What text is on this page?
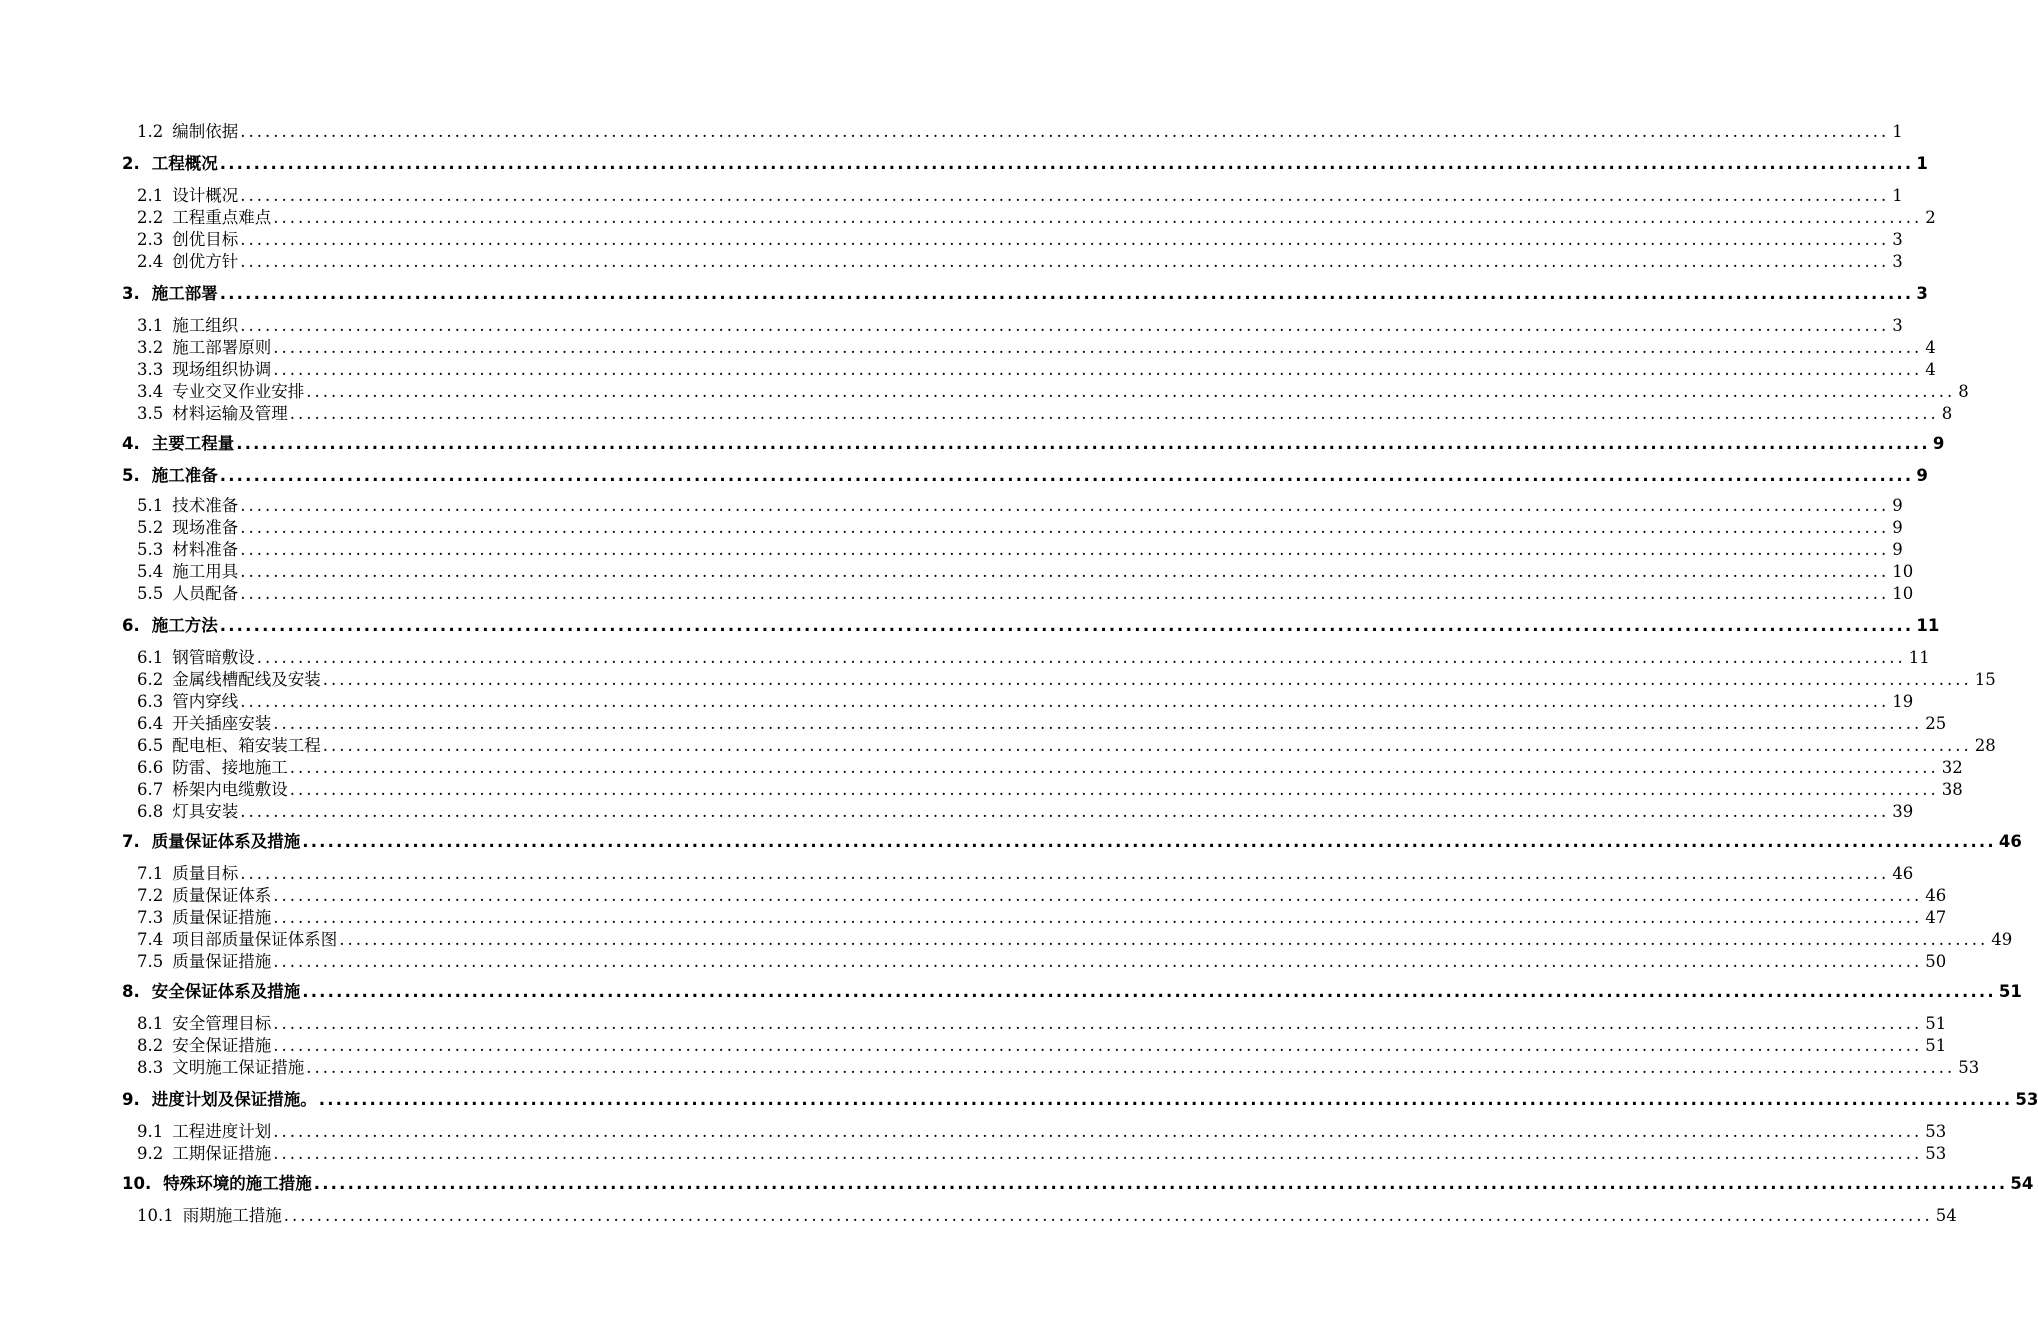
1.2 编制依据 ........................................................................................................................................................................................................ 1
2. 工程概况 ........................................................................................................................................................................................................ 1
2.1 设计概况 ........................................................................................................................................................................................................ 1
2.2 工程重点难点 ........................................................................................................................................................................................................ 2
2.3 创优目标 ........................................................................................................................................................................................................ 3
2.4 创优方针 ........................................................................................................................................................................................................ 3
3. 施工部署 ........................................................................................................................................................................................................ 3
3.1 施工组织 ........................................................................................................................................................................................................ 3
3.2 施工部署原则 ........................................................................................................................................................................................................ 4
3.3 现场组织协调 ........................................................................................................................................................................................................ 4
3.4 专业交叉作业安排 ........................................................................................................................................................................................................ 8
3.5 材料运输及管理 ........................................................................................................................................................................................................ 8
4. 主要工程量 ........................................................................................................................................................................................................ 9
5. 施工准备 ........................................................................................................................................................................................................ 9
5.1 技术准备 ........................................................................................................................................................................................................ 9
5.2 现场准备 ........................................................................................................................................................................................................ 9
5.3 材料准备 ........................................................................................................................................................................................................ 9
5.4 施工用具 ........................................................................................................................................................................................................ 10
5.5 人员配备 ........................................................................................................................................................................................................ 10
6. 施工方法 ........................................................................................................................................................................................................ 11
6.1 钢管暗敷设 ........................................................................................................................................................................................................ 11
6.2 金属线槽配线及安装 ........................................................................................................................................................................................................ 15
6.3 管内穿线 ........................................................................................................................................................................................................ 19
6.4 开关插座安装 ........................................................................................................................................................................................................ 25
6.5 配电柜、箱安装工程 ........................................................................................................................................................................................................ 28
6.6 防雷、接地施工 ........................................................................................................................................................................................................ 32
6.7 桥架内电缆敷设 ........................................................................................................................................................................................................ 38
6.8 灯具安装 ........................................................................................................................................................................................................ 39
7. 质量保证体系及措施 ........................................................................................................................................................................................................ 46
7.1 质量目标 ........................................................................................................................................................................................................ 46
7.2 质量保证体系 ........................................................................................................................................................................................................ 46
7.3 质量保证措施 ........................................................................................................................................................................................................ 47
7.4 项目部质量保证体系图 ........................................................................................................................................................................................................ 49
7.5 质量保证措施 ........................................................................................................................................................................................................ 50
8. 安全保证体系及措施 ........................................................................................................................................................................................................ 51
8.1 安全管理目标 ........................................................................................................................................................................................................ 51
8.2 安全保证措施 ........................................................................................................................................................................................................ 51
8.3 文明施工保证措施 ........................................................................................................................................................................................................ 53
9. 进度计划及保证措施。 ........................................................................................................................................................................................................ 53
9.1 工程进度计划 ........................................................................................................................................................................................................ 53
9.2 工期保证措施 ........................................................................................................................................................................................................ 53
10. 特殊环境的施工措施 ........................................................................................................................................................................................................ 54
10.1 雨期施工措施 ........................................................................................................................................................................................................ 54
